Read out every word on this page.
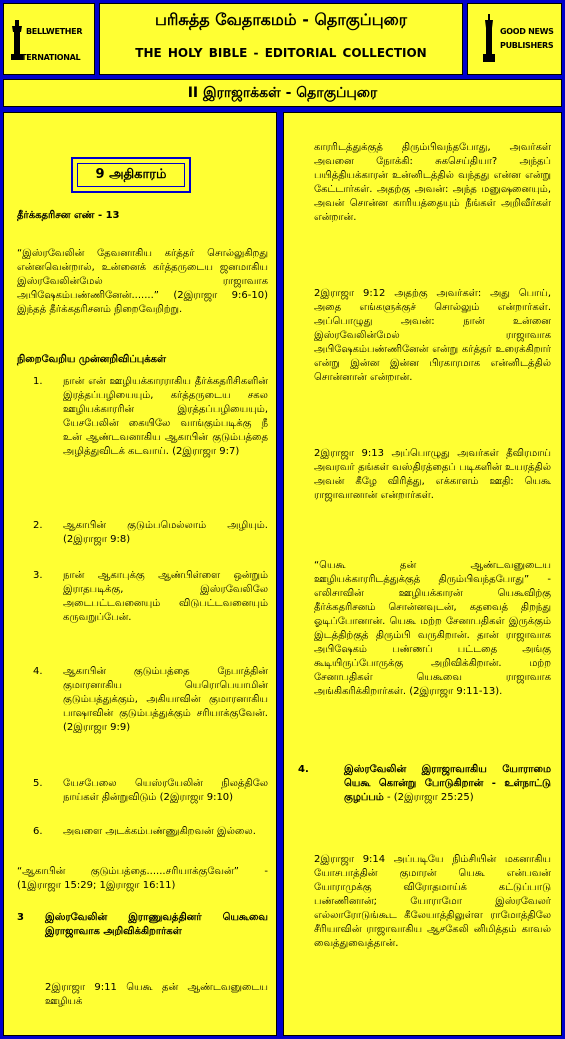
BELLWETHER
INTERNATIONAL
பரிசுத்த வேதாகமம் - தொகுப்புரை
THE HOLY BIBLE - EDITORIAL COLLECTION
GOOD NEWS
PUBLISHERS
II இராஜாக்கள் - தொகுப்புரை
9 அதிகாரம்

தீர்க்கதரிசன எண் - 13

“இஸ்ரவேலின் தேவனாகிய கர்த்தர் சொல்லுகிறது என்னவென்றால், உன்னைக் கர்த்தருடைய ஜனமாகிய இஸ்ரவேலின்மேல் ராஜாவாக அபிஷேகம்பண்ணினேன்.......” (2இராஜா 9:6-10) இந்தத் தீர்க்கதரிசனம் நிறைவேறிற்று.

நிறைவேறிய முன்னறிவிப்புக்கள்

1.	நான் என் ஊழியக்காரராகிய தீர்க்கதரிசிகளின் இரத்தப்பழியையும், கர்த்தருடைய சகல ஊழியக்காரரின் இரத்தப்பழியையும், யேசபேலின் கையிலே வாங்கும்படிக்கு நீ உன் ஆண்டவனாகிய ஆகாபின் குடும்பத்தை அழித்துவிடக் கடவாய். (2இராஜா 9:7)
2.	ஆகாபின் குடும்பமெல்லாம் அழியும். (2இராஜா 9:8)
3.	நான் ஆகாபுக்கு ஆண்பிள்ளை ஒன்றும் இராதபடிக்கு, இஸ்ரவேலிலே அடைபட்டவனையும் விடுபட்டவனையும் கருவறுப்பேன்.
4.	ஆகாபின் குடும்பத்தை நேபாத்தின் குமாரனாகிய யெரொபெயாமின் குடும்பத்துக்கும், அகியாவின் குமாரனாகிய பாஷாவின் குடும்பத்துக்கும் சரியாக்குவேன். (2இராஜா 9:9)
5.	யேசபேலை யெஸ்ரயேலின் நிலத்திலே நாய்கள் தின்றுவிடும் (2இராஜா 9:10)
6.	அவளை அடக்கம்பண்ணுகிறவன் இல்லை.

“ஆகாபின் குடும்பத்தை......சரியாக்குவேன்” - (1இராஜா 15:29; 1இராஜா 16:11)

3 இஸ்ரவேலின் இராணுவத்தினர் யெகூவை இராஜாவாக அறிவிக்கிறார்கள்

2இராஜா 9:11 யெகூ தன் ஆண்டவனுடைய ஊழியக்

காரரிடத்துக்குத் திரும்பிவந்தபோது, அவர்கள் அவனை நோக்கி: சுகசெய்தியா? அந்தப் பயித்தியக்காரன் உன்னிடத்தில் வந்தது என்ன என்று கேட்டார்கள். அதற்கு அவன்: அந்த மனுஷனையும், அவன் சொன்ன காரியத்தையும் நீங்கள் அறிவீர்கள் என்றான்.

2இராஜா 9:12 அதற்கு அவர்கள்: அது பொய், அதை எங்களுக்குச் சொல்லும் என்றார்கள். அப்பொழுது அவன்: நான் உன்னை இஸ்ரவேலின்மேல் ராஜாவாக அபிஷேகம்பண்ணினேன் என்று கர்த்தர் உரைக்கிறார் என்று இன்ன இன்ன பிரகாரமாக என்னிடத்தில் சொன்னான் என்றான்.

2இராஜா 9:13 அப்பொழுது அவர்கள் தீவிரமாய் அவரவர் தங்கள் வஸ்திரத்தைப் படிகளின் உயரத்தில் அவன் கீழே விரித்து, எக்காளம் ஊதி: யெகூ ராஜாவானான் என்றார்கள்.

“யெகூ தன் ஆண்டவனுடைய ஊழியக்காரரிடத்துக்குத் திரும்பிவந்தபோது” - எலிசாவின் ஊழியக்காரன் யெகூவிற்கு தீர்க்கதரிசனம் சொன்னவுடன், கதவைத் திறந்து ஓடிப்போனான். யெகூ மற்ற சேனாபதிகள் இருக்கும் இடத்திற்குத் திரும்பி வருகிறான். தான் ராஜாவாக அபிஷேகம் பண்ணப் பட்டதை அங்கு கூடியிருப்போருக்கு அறிவிக்கிறான். மற்ற சேனாபதிகள் யெகூவை ராஜாவாக அங்கிகரிக்கிறார்கள். (2இராஜா 9:11-13).

4.	இஸ்ரவேலின் இராஜாவாகிய யோராமை யெகூ கொன்று போடுகிறான் - உள்நாட்டு குழப்பம் - (2இராஜா 25:25)

2இராஜா 9:14 அப்படியே நிம்சியின் மகனாகிய யோசபாத்தின் குமாரன் யெகூ என்பவன் யோராமுக்கு விரோதமாய்க் கட்டுப்பாடு பண்ணினான்; யோராமோ இஸ்ரவேலர் எல்லாரோடுங்கூட கீலேயாத்திலுள்ள ராமோத்திலே சீரியாவின் ராஜாவாகிய ஆசகேலி னிமித்தம் காவல் வைத்துவைத்தான்.
